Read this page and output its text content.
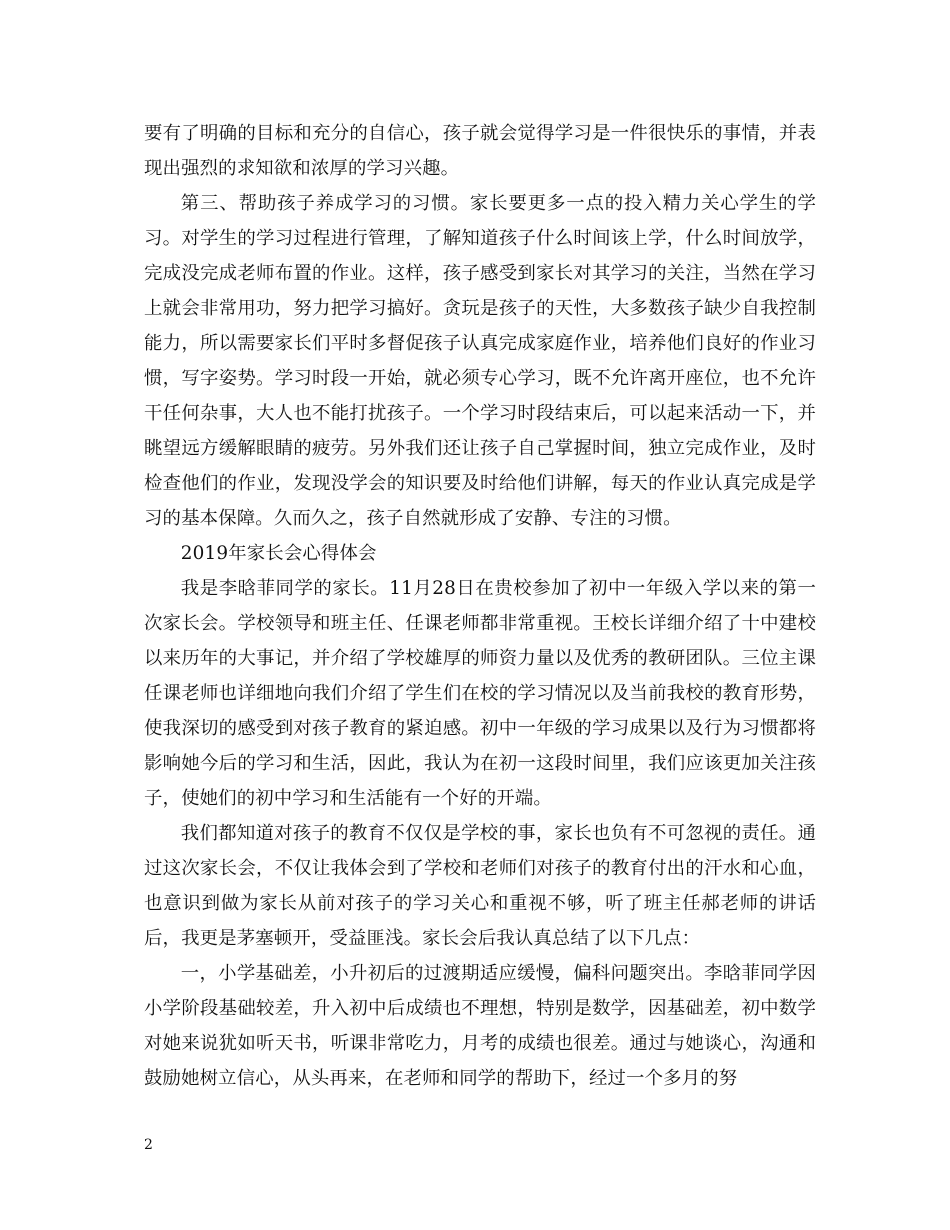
要有了明确的目标和充分的自信心，孩子就会觉得学习是一件很快乐的事情，并表现出强烈的求知欲和浓厚的学习兴趣。

第三、帮助孩子养成学习的习惯。家长要更多一点的投入精力关心学生的学习。对学生的学习过程进行管理，了解知道孩子什么时间该上学，什么时间放学，完成没完成老师布置的作业。这样，孩子感受到家长对其学习的关注，当然在学习上就会非常用功，努力把学习搞好。贪玩是孩子的天性，大多数孩子缺少自我控制能力，所以需要家长们平时多督促孩子认真完成家庭作业，培养他们良好的作业习惯，写字姿势。学习时段一开始，就必须专心学习，既不允许离开座位，也不允许干任何杂事，大人也不能打扰孩子。一个学习时段结束后，可以起来活动一下，并眺望远方缓解眼睛的疲劳。另外我们还让孩子自己掌握时间，独立完成作业，及时检查他们的作业，发现没学会的知识要及时给他们讲解，每天的作业认真完成是学习的基本保障。久而久之，孩子自然就形成了安静、专注的习惯。

2019年家长会心得体会

我是李晗菲同学的家长。11月28日在贵校参加了初中一年级入学以来的第一次家长会。学校领导和班主任、任课老师都非常重视。王校长详细介绍了十中建校以来历年的大事记，并介绍了学校雄厚的师资力量以及优秀的教研团队。三位主课任课老师也详细地向我们介绍了学生们在校的学习情况以及当前我校的教育形势，使我深切的感受到对孩子教育的紧迫感。初中一年级的学习成果以及行为习惯都将影响她今后的学习和生活，因此，我认为在初一这段时间里，我们应该更加关注孩子，使她们的初中学习和生活能有一个好的开端。

我们都知道对孩子的教育不仅仅是学校的事，家长也负有不可忽视的责任。通过这次家长会，不仅让我体会到了学校和老师们对孩子的教育付出的汗水和心血，也意识到做为家长从前对孩子的学习关心和重视不够，听了班主任郝老师的讲话后，我更是茅塞顿开，受益匪浅。家长会后我认真总结了以下几点：

一，小学基础差，小升初后的过渡期适应缓慢，偏科问题突出。李晗菲同学因小学阶段基础较差，升入初中后成绩也不理想，特别是数学，因基础差，初中数学对她来说犹如听天书，听课非常吃力，月考的成绩也很差。通过与她谈心，沟通和鼓励她树立信心，从头再来，在老师和同学的帮助下，经过一个多月的努

2
